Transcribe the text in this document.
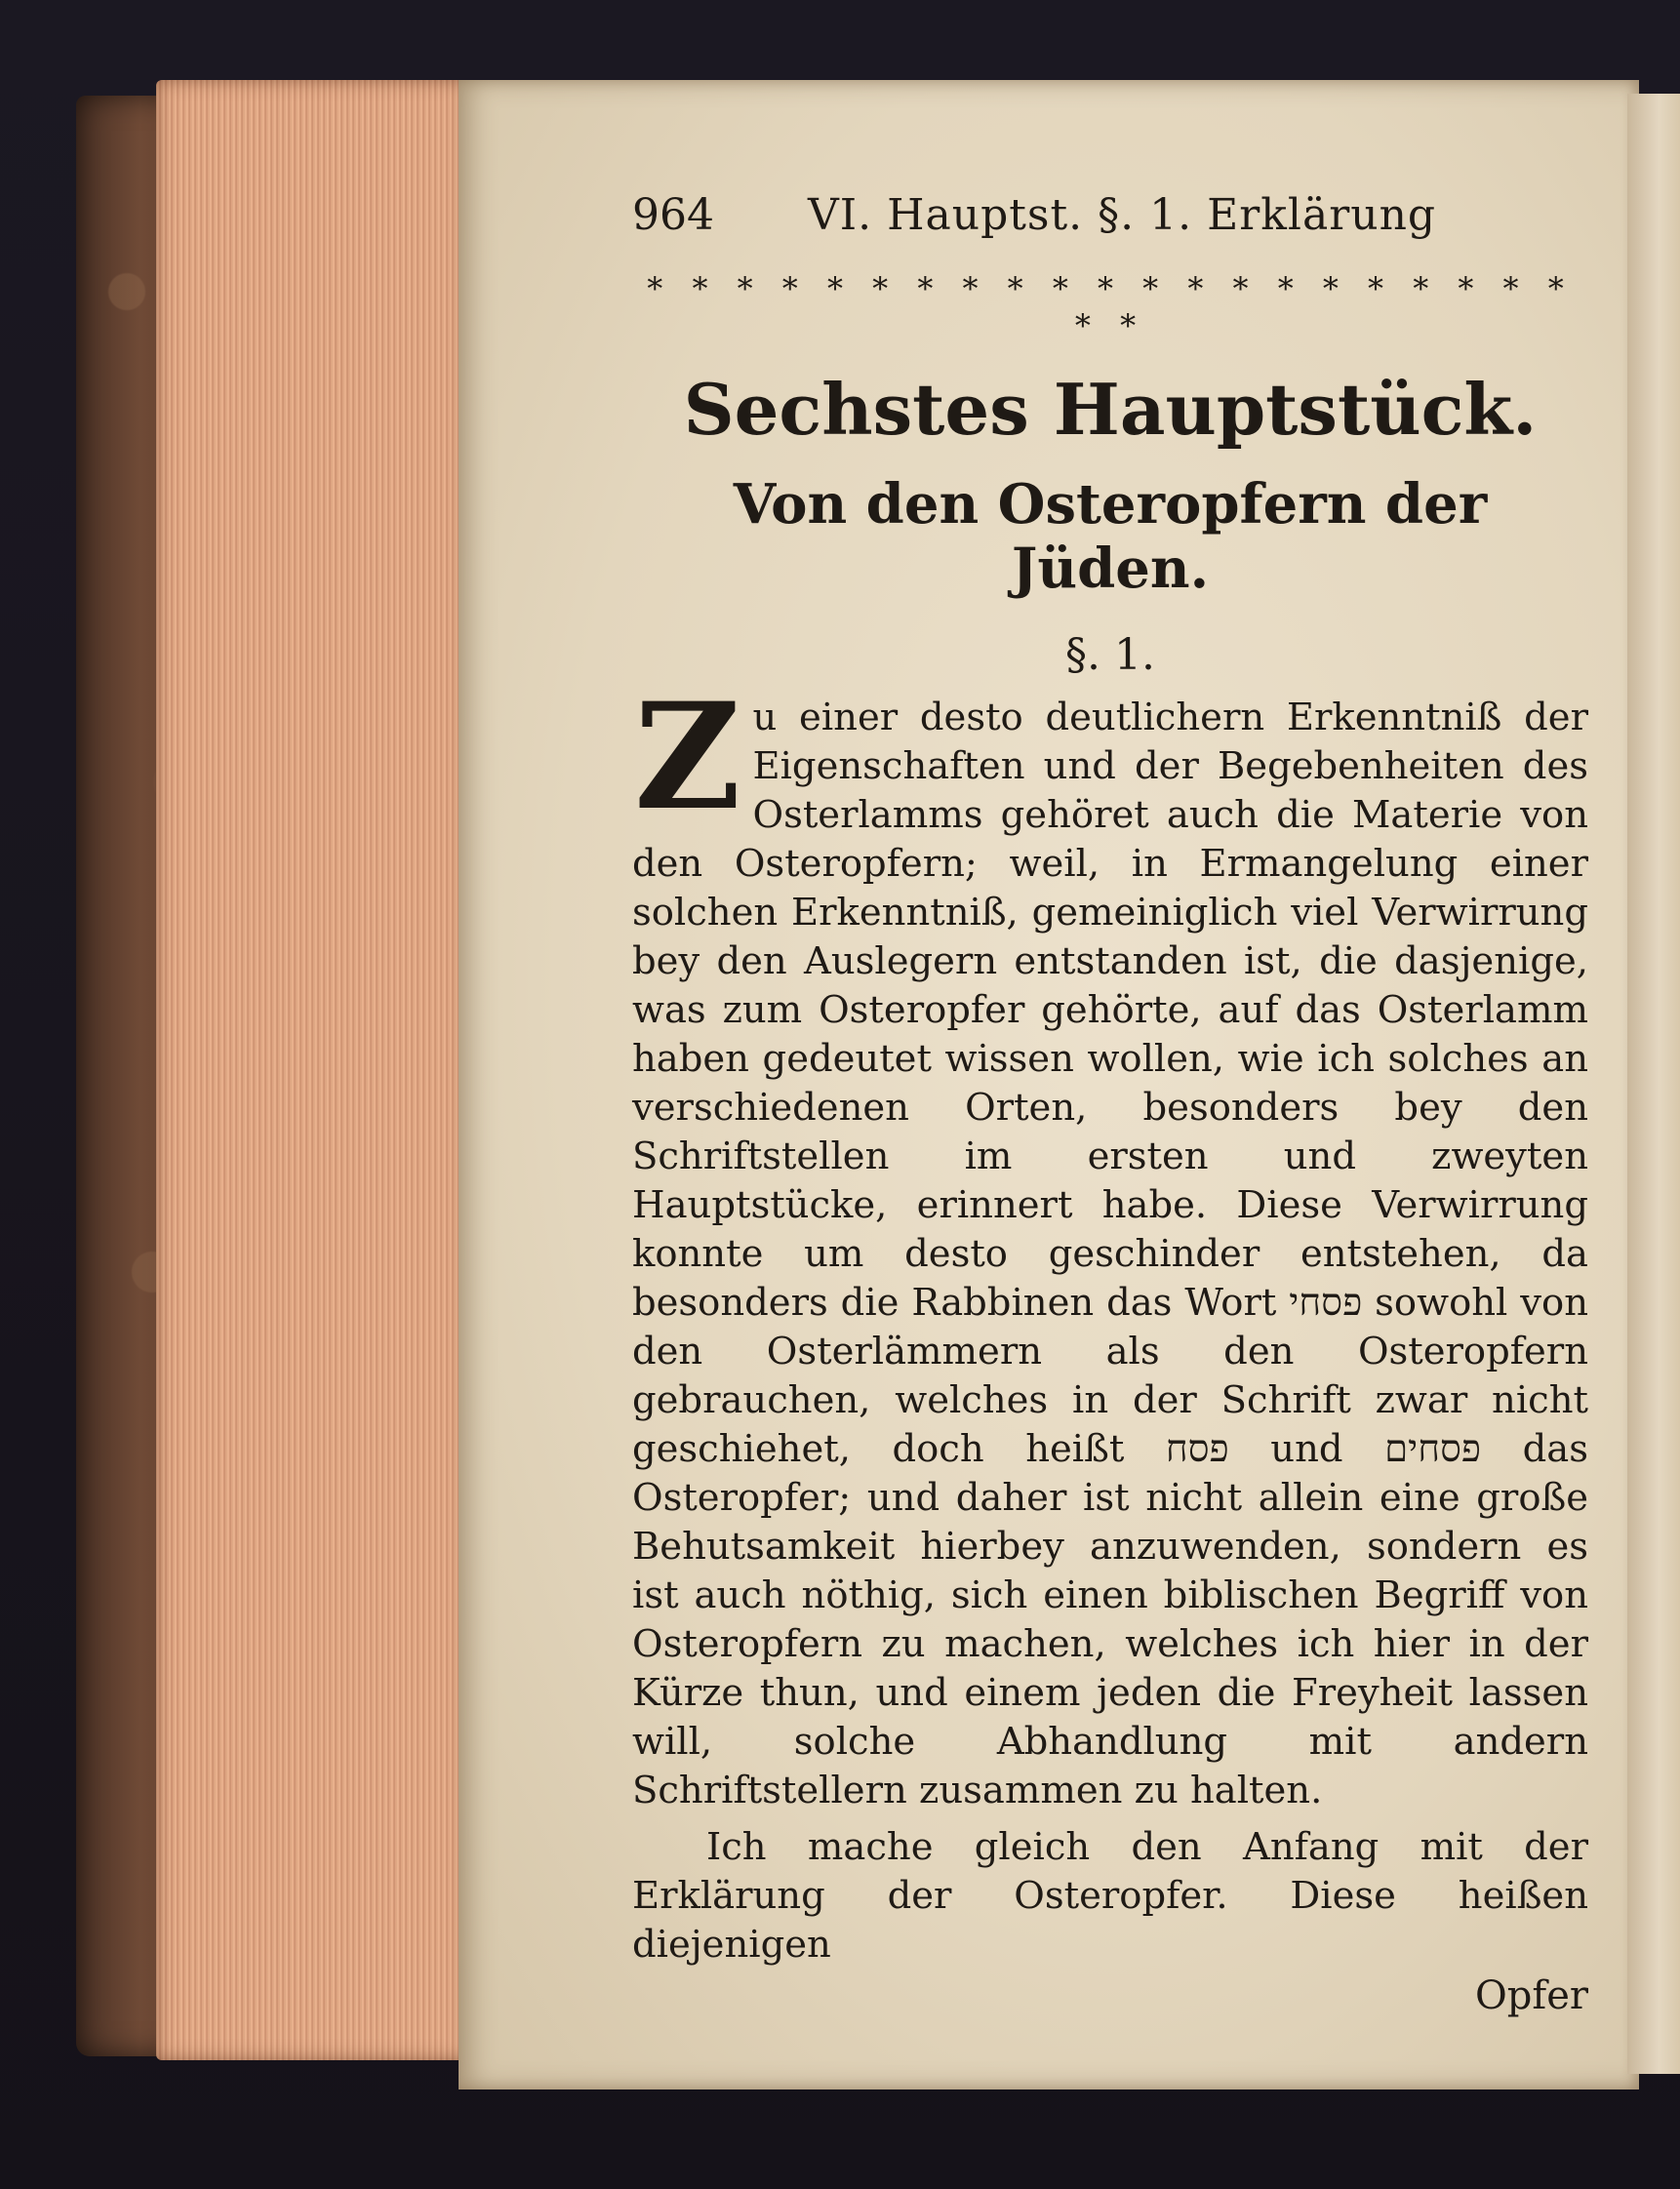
964 VI. Hauptst. §. 1. Erklärung
* * * * * * * * * * * * * * * * * * * * * * *
Sechstes Hauptstück.
Von den Osteropfern der Jüden.
§. 1.
Zu einer desto deutlichern Erkenntniß der Eigenschaften und der Begebenheiten des Osterlamms gehöret auch die Materie von den Osteropfern; weil, in Ermangelung einer solchen Erkenntniß, gemeiniglich viel Verwirrung bey den Auslegern entstanden ist, die dasjenige, was zum Osteropfer gehörte, auf das Osterlamm haben gedeutet wissen wollen, wie ich solches an verschiedenen Orten, besonders bey den Schriftstellen im ersten und zweyten Hauptstücke, erinnert habe. Diese Verwirrung konnte um desto geschinder entstehen, da besonders die Rabbinen das Wort פסחי sowohl von den Osterlämmern als den Osteropfern gebrauchen, welches in der Schrift zwar nicht geschiehet, doch heißt פסח und פסחים das Osteropfer; und daher ist nicht allein eine große Behutsamkeit hierbey anzuwenden, sondern es ist auch nöthig, sich einen biblischen Begriff von Osteropfern zu machen, welches ich hier in der Kürze thun, und einem jeden die Freyheit lassen will, solche Abhandlung mit andern Schriftstellern zusammen zu halten.
Ich mache gleich den Anfang mit der Erklärung der Osteropfer. Diese heißen diejenigen
Opfer
